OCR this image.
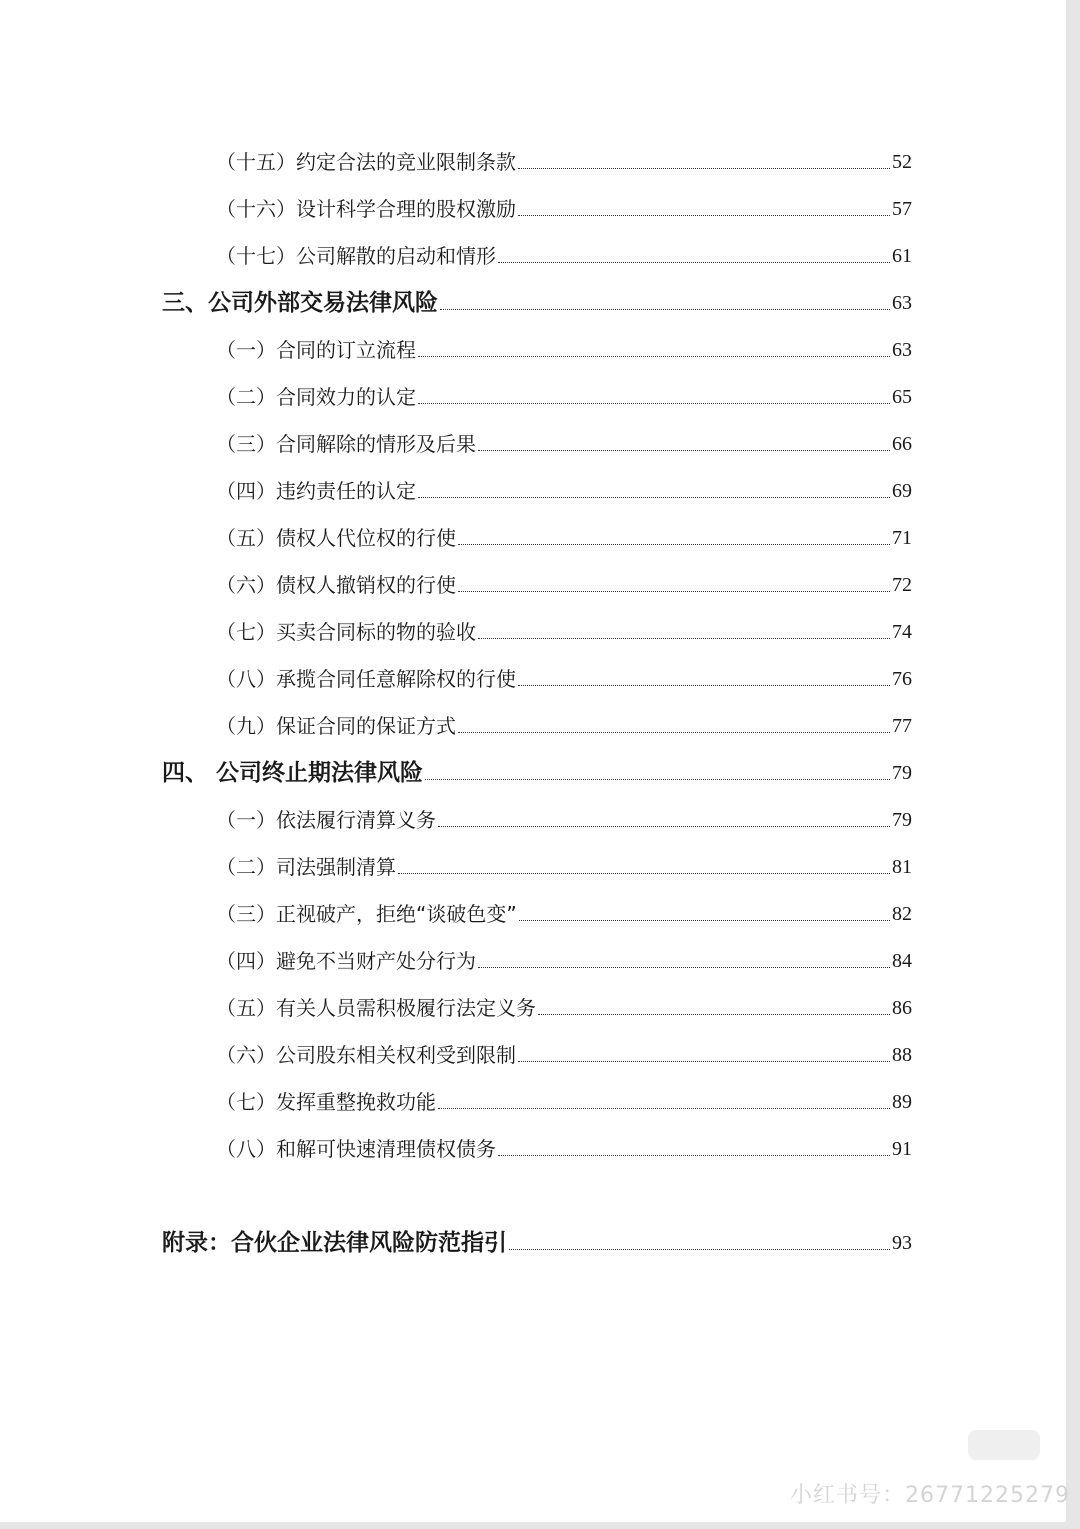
（十五）约定合法的竞业限制条款	52
（十六）设计科学合理的股权激励	57
（十七）公司解散的启动和情形	61
三、公司外部交易法律风险	63
（一）合同的订立流程	63
（二）合同效力的认定	65
（三）合同解除的情形及后果	66
（四）违约责任的认定	69
（五）债权人代位权的行使	71
（六）债权人撤销权的行使	72
（七）买卖合同标的物的验收	74
（八）承揽合同任意解除权的行使	76
（九）保证合同的保证方式	77
四、 公司终止期法律风险	79
（一）依法履行清算义务	79
（二）司法强制清算	81
（三）正视破产，拒绝“谈破色变”	82
（四）避免不当财产处分行为	84
（五）有关人员需积极履行法定义务	86
（六）公司股东相关权利受到限制	88
（七）发挥重整挽救功能	89
（八）和解可快速清理债权债务	91
附录：合伙企业法律风险防范指引	93
小红书号：26771225279
